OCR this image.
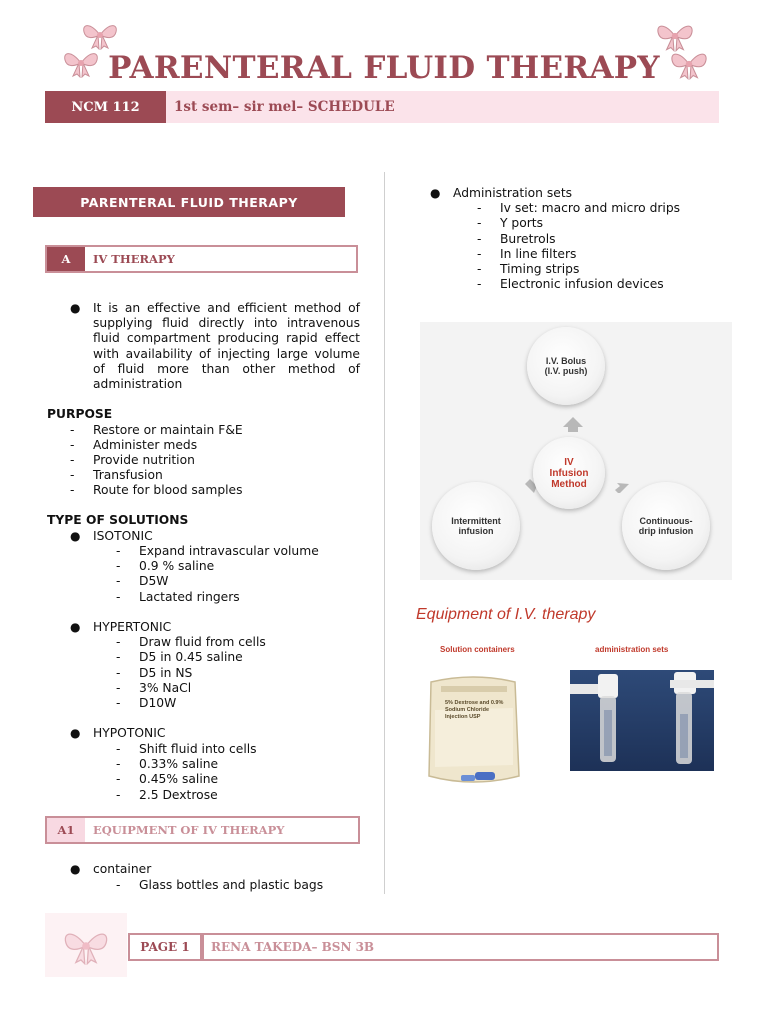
PARENTERAL FLUID THERAPY
NCM 112	1st sem– sir mel– SCHEDULE
PARENTERAL FLUID THERAPY
A	IV THERAPY
● It is an effective and efficient method of supplying fluid directly into intravenous fluid compartment producing rapid effect with availability of injecting large volume of fluid more than other method of administration
PURPOSE
- Restore or maintain F&E
- Administer meds
- Provide nutrition
- Transfusion
- Route for blood samples
TYPE OF SOLUTIONS
● ISOTONIC
- Expand intravascular volume
- 0.9 % saline
- D5W
- Lactated ringers
● HYPERTONIC
- Draw fluid from cells
- D5 in 0.45 saline
- D5 in NS
- 3% NaCl
- D10W
● HYPOTONIC
- Shift fluid into cells
- 0.33% saline
- 0.45% saline
- 2.5 Dextrose
A1	EQUIPMENT OF IV THERAPY
● container
- Glass bottles and plastic bags
● Administration sets
- Iv set: macro and micro drips
- Y ports
- Buretrols
- In line filters
- Timing strips
- Electronic infusion devices
I.V. Bolus (I.V. push)
IV Infusion Method
Intermittent infusion
Continuous-drip infusion
Equipment of I.V. therapy
Solution containers	administration sets
5% Dextrose and 0.9% Sodium Chloride Injection USP
PAGE 1	RENA TAKEDA– BSN 3B
